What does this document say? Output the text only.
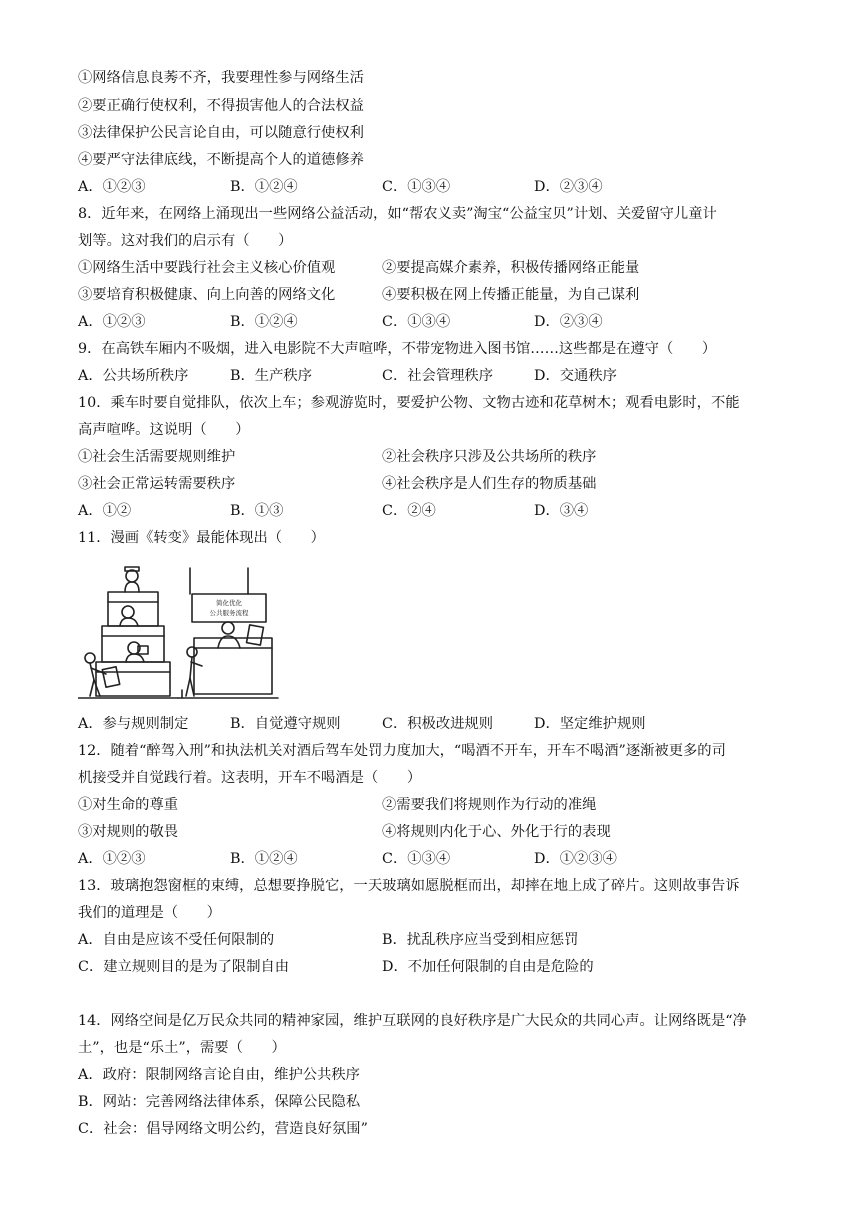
①网络信息良莠不齐，我要理性参与网络生活
②要正确行使权利，不得损害他人的合法权益
③法律保护公民言论自由，可以随意行使权利
④要严守法律底线，不断提高个人的道德修养
A．①②③	B．①②④	C．①③④	D．②③④
8．近年来，在网络上涌现出一些网络公益活动，如“帮农义卖”淘宝“公益宝贝”计划、关爱留守儿童计
划等。这对我们的启示有（　　）
①网络生活中要践行社会主义核心价值观	②要提高媒介素养，积极传播网络正能量
③要培育积极健康、向上向善的网络文化	④要积极在网上传播正能量，为自己谋利
A．①②③	B．①②④	C．①③④	D．②③④
9．在高铁车厢内不吸烟，进入电影院不大声喧哗，不带宠物进入图书馆……这些都是在遵守（　　）
A．公共场所秩序	B．生产秩序	C．社会管理秩序	D．交通秩序
10．乘车时要自觉排队，依次上车；参观游览时，要爱护公物、文物古迹和花草树木；观看电影时，不能
高声喧哗。这说明（　　）
①社会生活需要规则维护	②社会秩序只涉及公共场所的秩序
③社会正常运转需要秩序	④社会秩序是人们生存的物质基础
A．①②	B．①③	C．②④	D．③④
11．漫画《转变》最能体现出（　　）
简化优化
公共服务流程
A．参与规则制定	B．自觉遵守规则	C．积极改进规则	D．坚定维护规则
12．随着“醉驾入刑”和执法机关对酒后驾车处罚力度加大，“喝酒不开车，开车不喝酒”逐渐被更多的司
机接受并自觉践行着。这表明，开车不喝酒是（　　）
①对生命的尊重	②需要我们将规则作为行动的准绳
③对规则的敬畏	④将规则内化于心、外化于行的表现
A．①②③	B．①②④	C．①③④	D．①②③④
13．玻璃抱怨窗框的束缚，总想要挣脱它，一天玻璃如愿脱框而出，却摔在地上成了碎片。这则故事告诉
我们的道理是（　　）
A．自由是应该不受任何限制的	B．扰乱秩序应当受到相应惩罚
C．建立规则目的是为了限制自由	D．不加任何限制的自由是危险的
14．网络空间是亿万民众共同的精神家园，维护互联网的良好秩序是广大民众的共同心声。让网络既是“净
土”，也是“乐土”，需要（　　）
A．政府：限制网络言论自由，维护公共秩序
B．网站：完善网络法律体系，保障公民隐私
C．社会：倡导网络文明公约，营造良好氛围”
